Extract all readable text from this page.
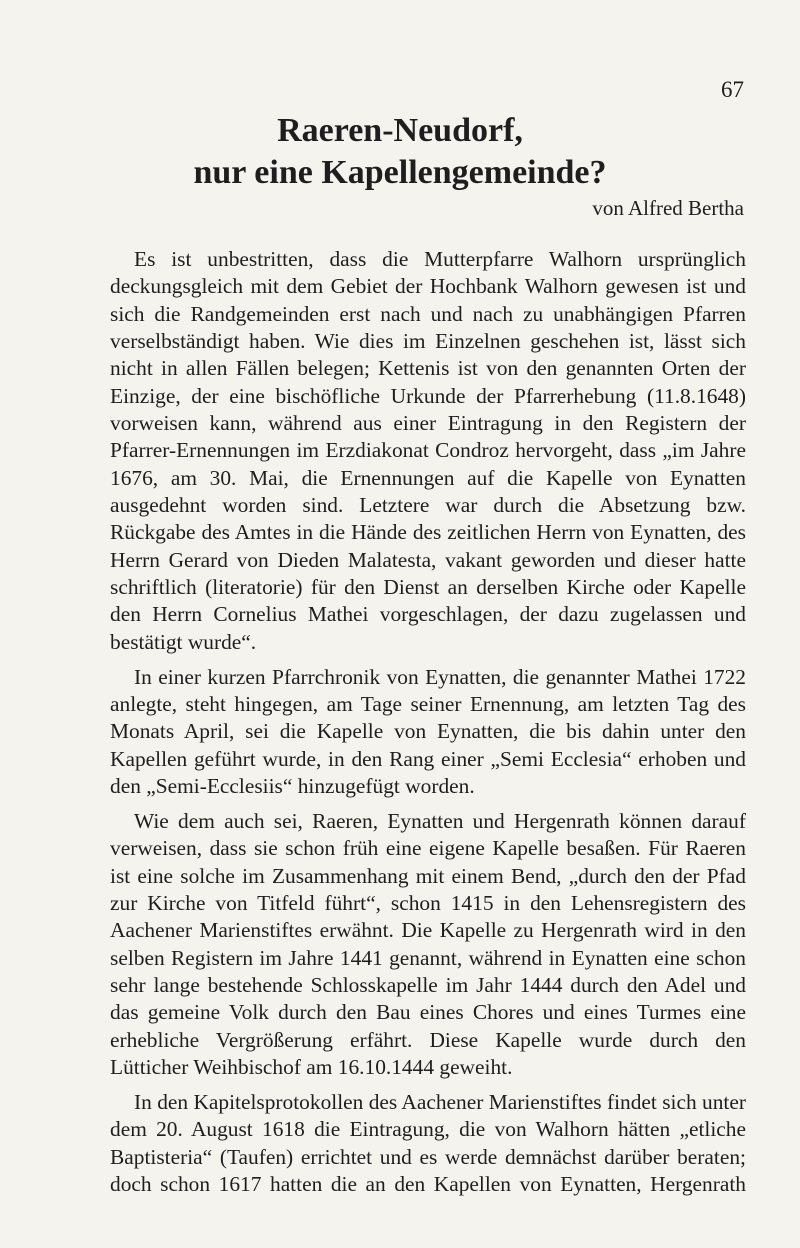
67
Raeren-Neudorf,
nur eine Kapellengemeinde?
von Alfred Bertha

Es ist unbestritten, dass die Mutterpfarre Walhorn ursprünglich deckungsgleich mit dem Gebiet der Hochbank Walhorn gewesen ist und sich die Randgemeinden erst nach und nach zu unabhängigen Pfarren verselbständigt haben. Wie dies im Einzelnen geschehen ist, lässt sich nicht in allen Fällen belegen; Kettenis ist von den genannten Orten der Einzige, der eine bischöfliche Urkunde der Pfarrerhebung (11.8.1648) vorweisen kann, während aus einer Eintragung in den Registern der Pfarrer-Ernennungen im Erzdiakonat Condroz hervorgeht, dass „im Jahre 1676, am 30. Mai, die Ernennungen auf die Kapelle von Eynatten ausgedehnt worden sind. Letztere war durch die Absetzung bzw. Rückgabe des Amtes in die Hände des zeitlichen Herrn von Eynatten, des Herrn Gerard von Dieden Malatesta, vakant geworden und dieser hatte schriftlich (literatorie) für den Dienst an derselben Kirche oder Kapelle den Herrn Cornelius Mathei vorgeschlagen, der dazu zugelassen und bestätigt wurde“.

In einer kurzen Pfarrchronik von Eynatten, die genannter Mathei 1722 anlegte, steht hingegen, am Tage seiner Ernennung, am letzten Tag des Monats April, sei die Kapelle von Eynatten, die bis dahin unter den Kapellen geführt wurde, in den Rang einer „Semi Ecclesia“ erhoben und den „Semi-Ecclesiis“ hinzugefügt worden.

Wie dem auch sei, Raeren, Eynatten und Hergenrath können darauf verweisen, dass sie schon früh eine eigene Kapelle besaßen. Für Raeren ist eine solche im Zusammenhang mit einem Bend, „durch den der Pfad zur Kirche von Titfeld führt“, schon 1415 in den Lehensregistern des Aachener Marienstiftes erwähnt. Die Kapelle zu Hergenrath wird in den selben Registern im Jahre 1441 genannt, während in Eynatten eine schon sehr lange bestehende Schlosskapelle im Jahr 1444 durch den Adel und das gemeine Volk durch den Bau eines Chores und eines Turmes eine erhebliche Vergrößerung erfährt. Diese Kapelle wurde durch den Lütticher Weihbischof am 16.10.1444 geweiht.

In den Kapitelsprotokollen des Aachener Marienstiftes findet sich unter dem 20. August 1618 die Eintragung, die von Walhorn hätten „etliche Baptisteria“ (Taufen) errichtet und es werde demnächst darüber beraten; doch schon 1617 hatten die an den Kapellen von Eynatten, Hergenrath
